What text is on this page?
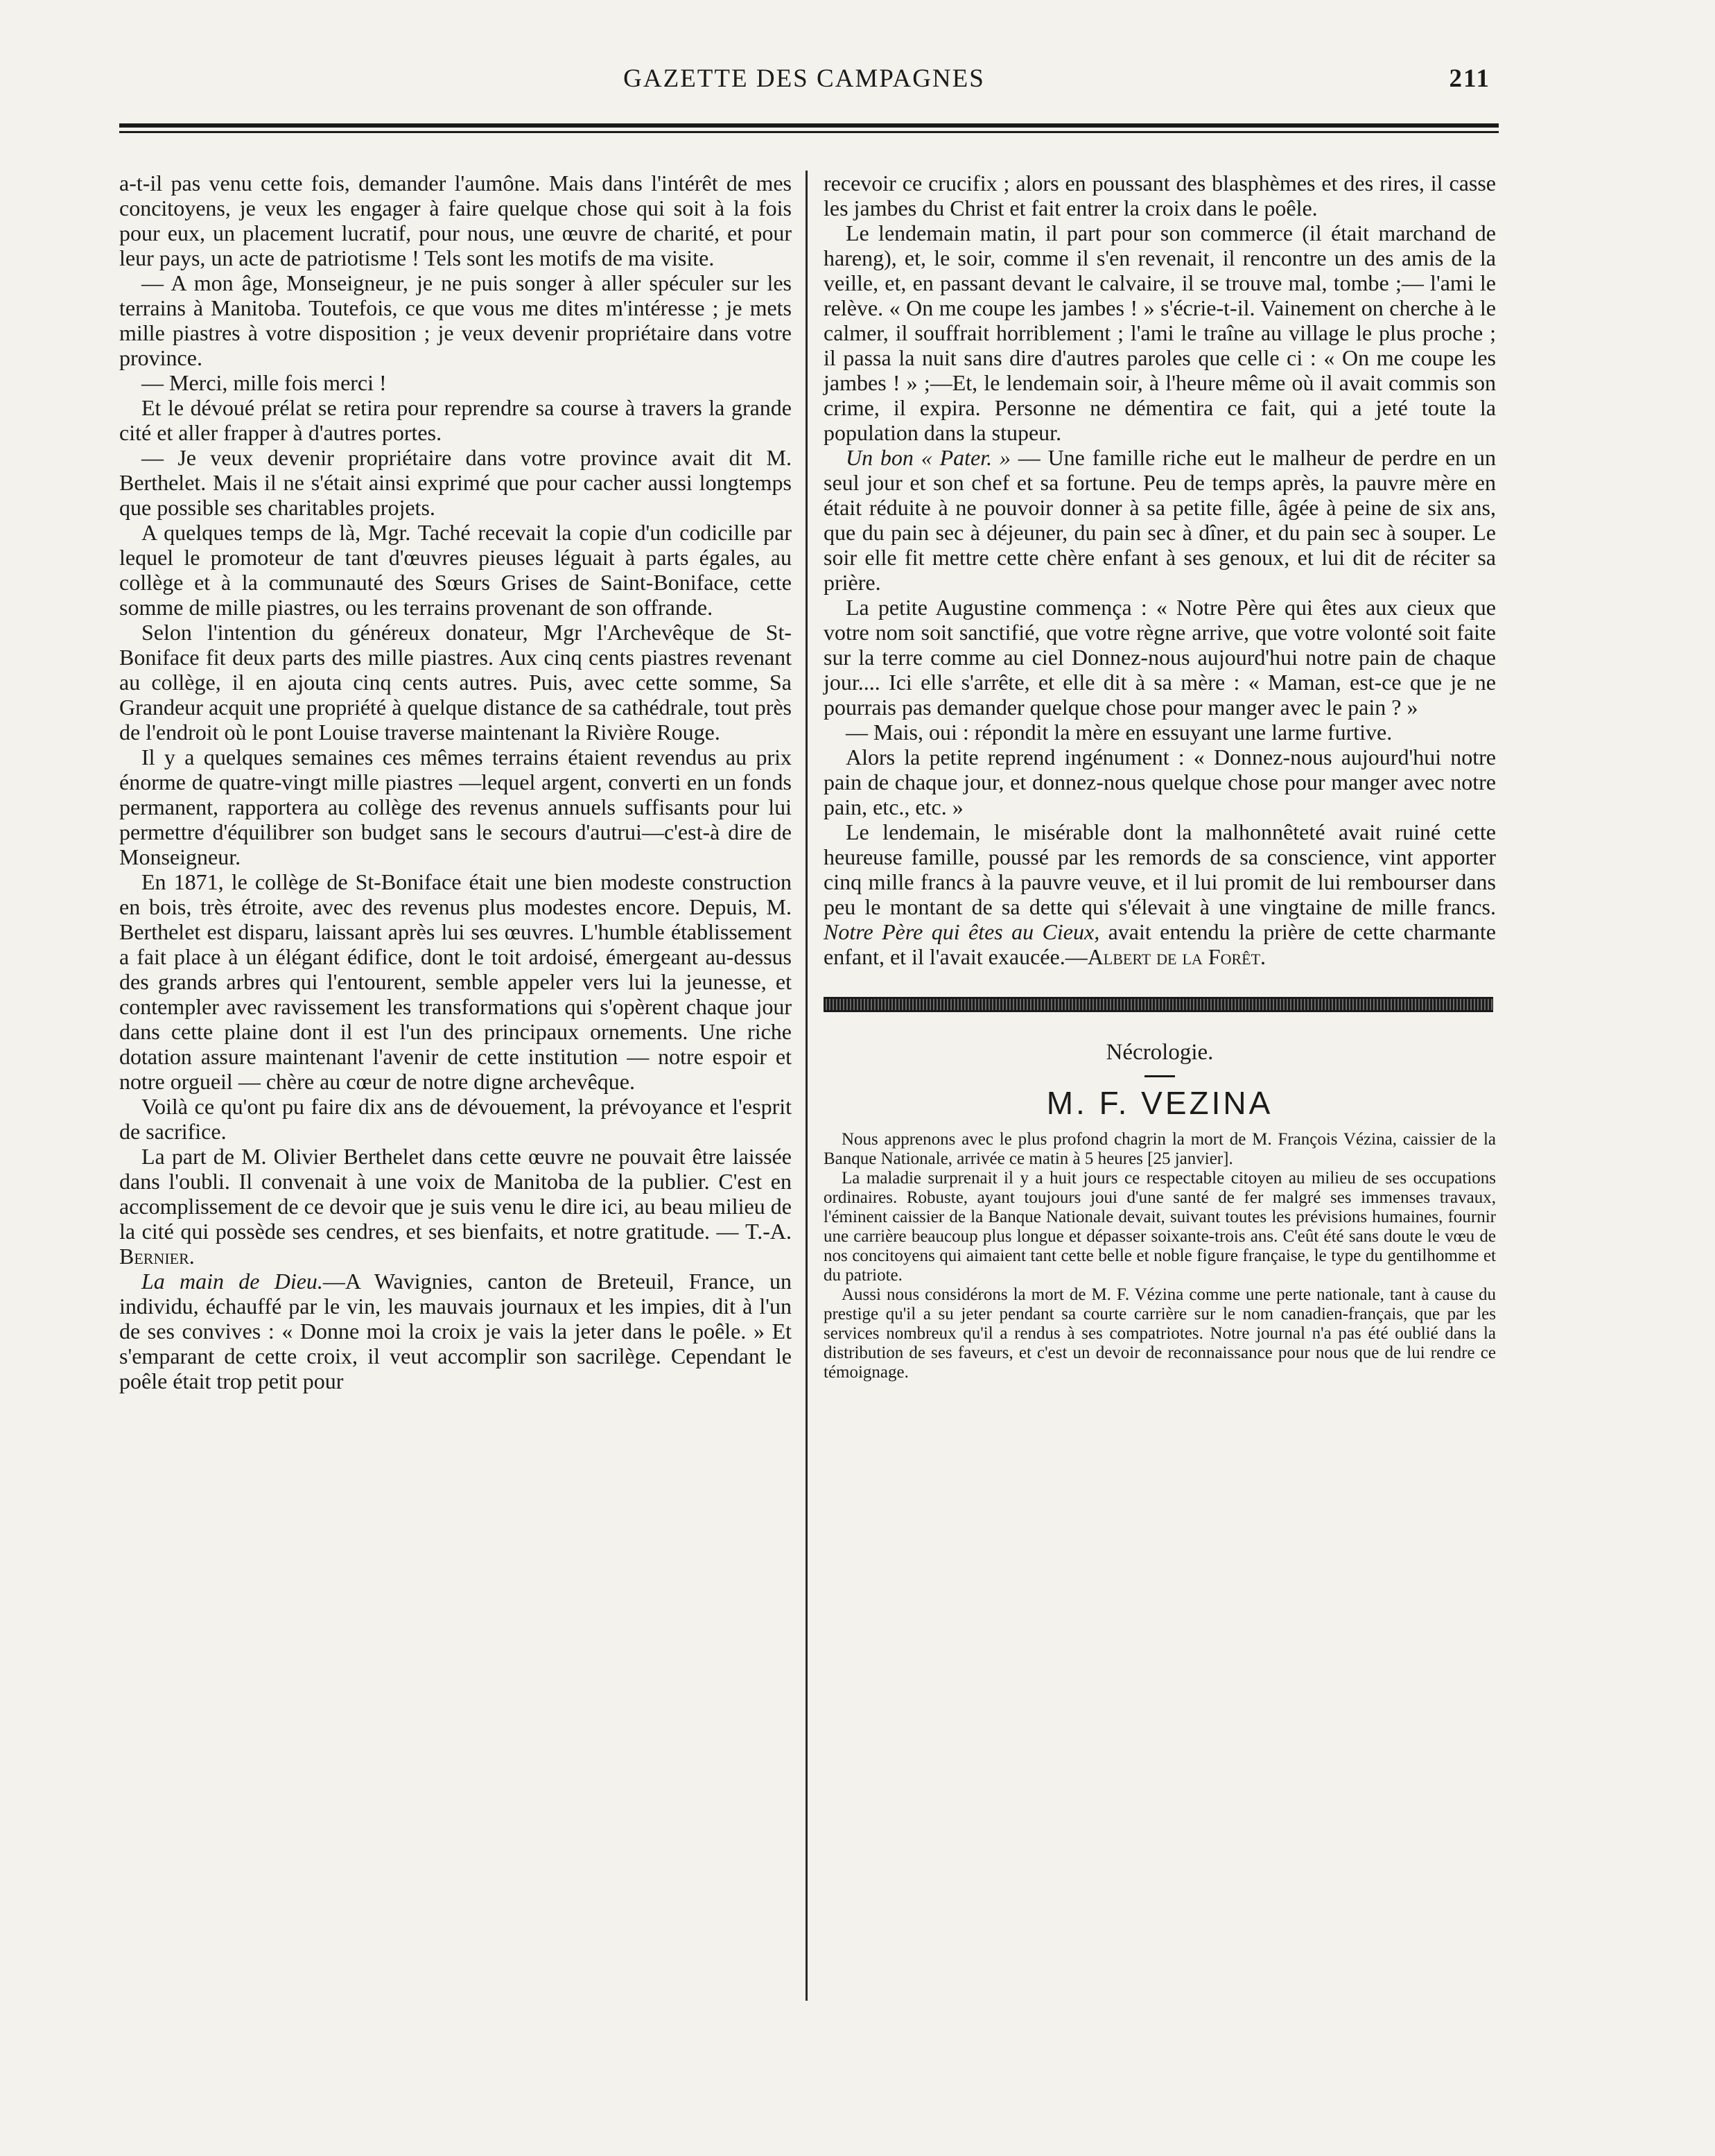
GAZETTE DES CAMPAGNES	211

a-t-il pas venu cette fois, demander l'aumône. Mais dans l'intérêt de mes concitoyens, je veux les engager à faire quelque chose qui soit à la fois pour eux, un placement lucratif, pour nous, une œuvre de charité, et pour leur pays, un acte de patriotisme ! Tels sont les motifs de ma visite.

— A mon âge, Monseigneur, je ne puis songer à aller spéculer sur les terrains à Manitoba. Toutefois, ce que vous me dites m'intéresse ; je mets mille piastres à votre disposition ; je veux devenir propriétaire dans votre province.

— Merci, mille fois merci !

Et le dévoué prélat se retira pour reprendre sa course à travers la grande cité et aller frapper à d'autres portes.

— Je veux devenir propriétaire dans votre province avait dit M. Berthelet. Mais il ne s'était ainsi exprimé que pour cacher aussi longtemps que possible ses charitables projets.

A quelques temps de là, Mgr. Taché recevait la copie d'un codicille par lequel le promoteur de tant d'œuvres pieuses léguait à parts égales, au collège et à la communauté des Sœurs Grises de Saint-Boniface, cette somme de mille piastres, ou les terrains provenant de son offrande.

Selon l'intention du généreux donateur, Mgr l'Archevêque de St-Boniface fit deux parts des mille piastres. Aux cinq cents piastres revenant au collège, il en ajouta cinq cents autres. Puis, avec cette somme, Sa Grandeur acquit une propriété à quelque distance de sa cathédrale, tout près de l'endroit où le pont Louise traverse maintenant la Rivière Rouge.

Il y a quelques semaines ces mêmes terrains étaient revendus au prix énorme de quatre-vingt mille piastres —lequel argent, converti en un fonds permanent, rapportera au collège des revenus annuels suffisants pour lui permettre d'équilibrer son budget sans le secours d'autrui—c'est-à dire de Monseigneur.

En 1871, le collège de St-Boniface était une bien modeste construction en bois, très étroite, avec des revenus plus modestes encore. Depuis, M. Berthelet est disparu, laissant après lui ses œuvres. L'humble établissement a fait place à un élégant édifice, dont le toit ardoisé, émergeant au-dessus des grands arbres qui l'entourent, semble appeler vers lui la jeunesse, et contempler avec ravissement les transformations qui s'opèrent chaque jour dans cette plaine dont il est l'un des principaux ornements. Une riche dotation assure maintenant l'avenir de cette institution — notre espoir et notre orgueil — chère au cœur de notre digne archevêque.

Voilà ce qu'ont pu faire dix ans de dévouement, la prévoyance et l'esprit de sacrifice.

La part de M. Olivier Berthelet dans cette œuvre ne pouvait être laissée dans l'oubli. Il convenait à une voix de Manitoba de la publier. C'est en accomplissement de ce devoir que je suis venu le dire ici, au beau milieu de la cité qui possède ses cendres, et ses bienfaits, et notre gratitude. — T.-A. Bernier.

La main de Dieu.—A Wavignies, canton de Breteuil, France, un individu, échauffé par le vin, les mauvais journaux et les impies, dit à l'un de ses convives : « Donne moi la croix je vais la jeter dans le poêle. » Et s'emparant de cette croix, il veut accomplir son sacrilège. Cependant le poêle était trop petit pour

recevoir ce crucifix ; alors en poussant des blasphèmes et des rires, il casse les jambes du Christ et fait entrer la croix dans le poêle.

Le lendemain matin, il part pour son commerce (il était marchand de hareng), et, le soir, comme il s'en revenait, il rencontre un des amis de la veille, et, en passant devant le calvaire, il se trouve mal, tombe ;— l'ami le relève. « On me coupe les jambes ! » s'écrie-t-il. Vainement on cherche à le calmer, il souffrait horriblement ; l'ami le traîne au village le plus proche ; il passa la nuit sans dire d'autres paroles que celle ci : « On me coupe les jambes ! » ;—Et, le lendemain soir, à l'heure même où il avait commis son crime, il expira. Personne ne démentira ce fait, qui a jeté toute la population dans la stupeur.

Un bon « Pater. » — Une famille riche eut le malheur de perdre en un seul jour et son chef et sa fortune. Peu de temps après, la pauvre mère en était réduite à ne pouvoir donner à sa petite fille, âgée à peine de six ans, que du pain sec à déjeuner, du pain sec à dîner, et du pain sec à souper. Le soir elle fit mettre cette chère enfant à ses genoux, et lui dit de réciter sa prière.

La petite Augustine commença : « Notre Père qui êtes aux cieux que votre nom soit sanctifié, que votre règne arrive, que votre volonté soit faite sur la terre comme au ciel Donnez-nous aujourd'hui notre pain de chaque jour.... Ici elle s'arrête, et elle dit à sa mère : « Maman, est-ce que je ne pourrais pas demander quelque chose pour manger avec le pain ? »

— Mais, oui : répondit la mère en essuyant une larme furtive.

Alors la petite reprend ingénument : « Donnez-nous aujourd'hui notre pain de chaque jour, et donnez-nous quelque chose pour manger avec notre pain, etc., etc. »

Le lendemain, le misérable dont la malhonnêteté avait ruiné cette heureuse famille, poussé par les remords de sa conscience, vint apporter cinq mille francs à la pauvre veuve, et il lui promit de lui rembourser dans peu le montant de sa dette qui s'élevait à une vingtaine de mille francs. Notre Père qui êtes au Cieux, avait entendu la prière de cette charmante enfant, et il l'avait exaucée.—Albert de la Forêt.

Nécrologie.
M. F. VEZINA

Nous apprenons avec le plus profond chagrin la mort de M. François Vézina, caissier de la Banque Nationale, arrivée ce matin à 5 heures [25 janvier].

La maladie surprenait il y a huit jours ce respectable citoyen au milieu de ses occupations ordinaires. Robuste, ayant toujours joui d'une santé de fer malgré ses immenses travaux, l'éminent caissier de la Banque Nationale devait, suivant toutes les prévisions humaines, fournir une carrière beaucoup plus longue et dépasser soixante-trois ans. C'eût été sans doute le vœu de nos concitoyens qui aimaient tant cette belle et noble figure française, le type du gentilhomme et du patriote.

Aussi nous considérons la mort de M. F. Vézina comme une perte nationale, tant à cause du prestige qu'il a su jeter pendant sa courte carrière sur le nom canadien-français, que par les services nombreux qu'il a rendus à ses compatriotes. Notre journal n'a pas été oublié dans la distribution de ses faveurs, et c'est un devoir de reconnaissance pour nous que de lui rendre ce témoignage.
